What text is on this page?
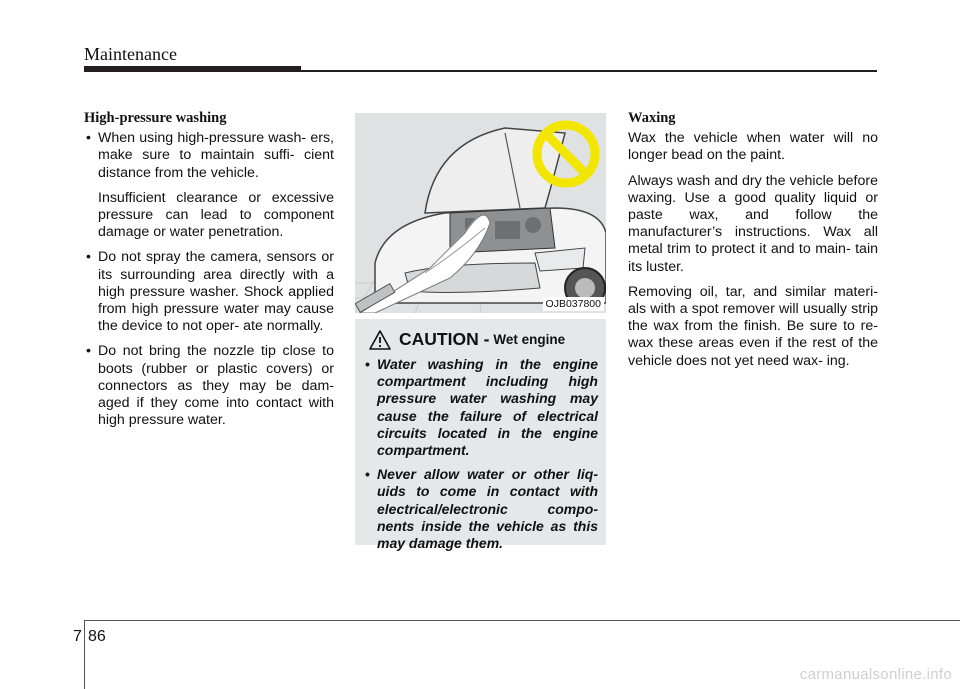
Maintenance
High-pressure washing

• When using high-pressure wash- ers, make sure to maintain suffi- cient distance from the vehicle.

Insufficient clearance or excessive pressure can lead to component damage or water penetration.

• Do not spray the camera, sensors or its surrounding area directly with a high pressure washer. Shock applied from high pressure water may cause the device to not oper- ate normally.

• Do not bring the nozzle tip close to boots (rubber or plastic covers) or connectors as they may be dam- aged if they come into contact with high pressure water.

OJB037800
CAUTION - Wet engine
• Water washing in the engine compartment including high pressure water washing may cause the failure of electrical circuits located in the engine compartment.
• Never allow water or other liq- uids to come in contact with electrical/electronic compo- nents inside the vehicle as this may damage them.
Waxing

Wax the vehicle when water will no longer bead on the paint.

Always wash and dry the vehicle before waxing. Use a good quality liquid or paste wax, and follow the manufacturer’s instructions. Wax all metal trim to protect it and to main- tain its luster.

Removing oil, tar, and similar materi- als with a spot remover will usually strip the wax from the finish. Be sure to re-wax these areas even if the rest of the vehicle does not yet need wax- ing.

7 86
carmanualsonline.info
